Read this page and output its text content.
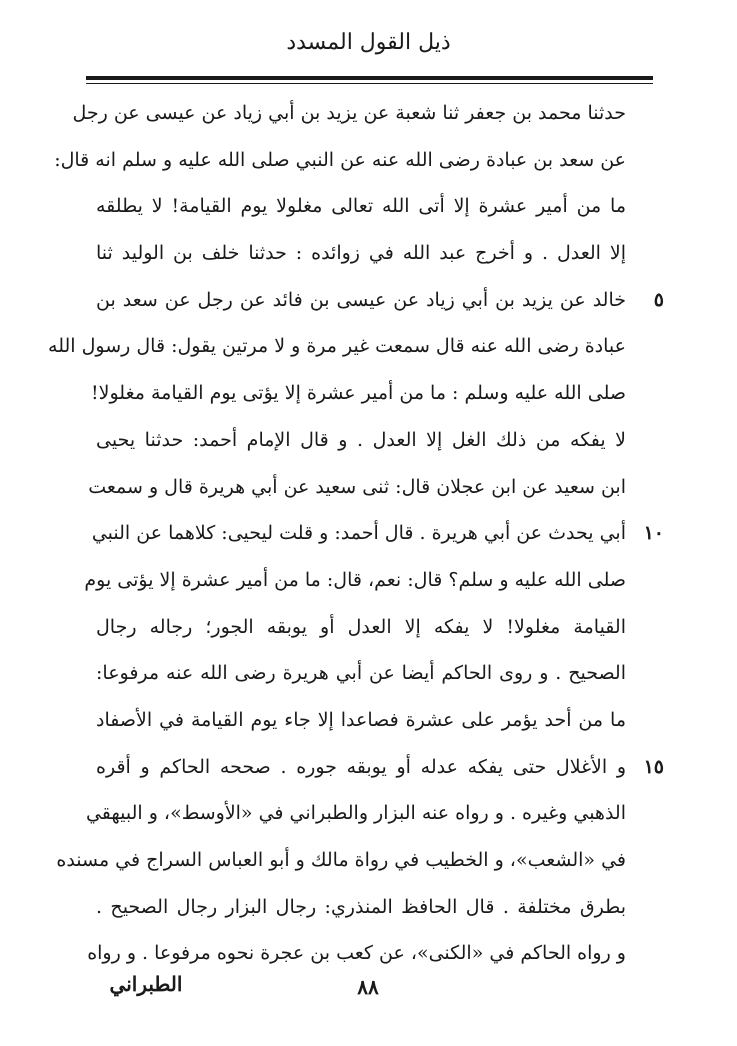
ذيل القول المسدد
حدثنا محمد بن جعفر ثنا شعبة عن يزيد بن أبي زياد عن عيسى عن رجل
عن سعد بن عبادة رضى الله عنه عن النبي صلى الله عليه و سلم انه قال:
ما من أمير عشرة إلا أتى الله تعالى مغلولا يوم القيامة! لا يطلقه
إلا العدل . و أخرج عبد الله في زوائده : حدثنا خلف بن الوليد ثنا
خالد عن يزيد بن أبي زياد عن عيسى بن فائد عن رجل عن سعد بن ٥
عبادة رضى الله عنه قال سمعت غير مرة و لا مرتين يقول: قال رسول الله
صلى الله عليه وسلم : ما من أمير عشرة إلا يؤتى يوم القيامة مغلولا!
لا يفكه من ذلك الغل إلا العدل . و قال الإمام أحمد: حدثنا يحيى
ابن سعيد عن ابن عجلان قال: ثنى سعيد عن أبي هريرة قال و سمعت
أبي يحدث عن أبي هريرة . قال أحمد: و قلت ليحيى: كلاهما عن النبي ١٠
صلى الله عليه و سلم؟ قال: نعم، قال: ما من أمير عشرة إلا يؤتى يوم
القيامة مغلولا! لا يفكه إلا العدل أو يوبقه الجور؛ رجاله رجال
الصحيح . و روى الحاكم أيضا عن أبي هريرة رضى الله عنه مرفوعا:
ما من أحد يؤمر على عشرة فصاعدا إلا جاء يوم القيامة في الأصفاد
و الأغلال حتى يفكه عدله أو يوبقه جوره . صححه الحاكم و أقره ١٥
الذهبي وغيره . و رواه عنه البزار والطبراني في «الأوسط»، و البيهقي
في «الشعب»، و الخطيب في رواة مالك و أبو العباس السراج في مسنده
بطرق مختلفة . قال الحافظ المنذري: رجال البزار رجال الصحيح .
و رواه الحاكم في «الكنى»، عن كعب بن عجرة نحوه مرفوعا . و رواه
٨٨
الطبراني
